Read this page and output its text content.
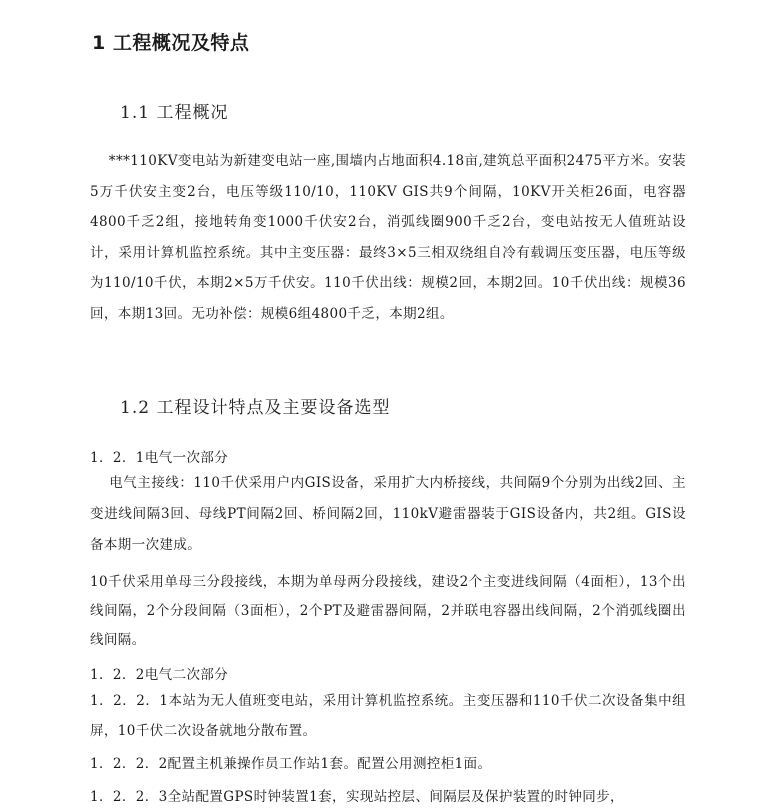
1 工程概况及特点
1.1 工程概况
***110KV变电站为新建变电站一座,围墙内占地面积4.18亩,建筑总平面积2475平方米。安装5万千伏安主变2台，电压等级110/10，110KV GIS共9个间隔，10KV开关柜26面，电容器4800千乏2组，接地转角变1000千伏安2台，消弧线圈900千乏2台，变电站按无人值班站设计，采用计算机监控系统。其中主变压器：最终3×5三相双绕组自冷有载调压变压器，电压等级为110/10千伏，本期2×5万千伏安。110千伏出线：规模2回，本期2回。10千伏出线：规模36回，本期13回。无功补偿：规模6组4800千乏，本期2组。
1.2 工程设计特点及主要设备选型
1．2．1电气一次部分
电气主接线：110千伏采用户内GIS设备，采用扩大内桥接线，共间隔9个分别为出线2回、主变进线间隔3回、母线PT间隔2回、桥间隔2回，110kV避雷器装于GIS设备内，共2组。GIS设备本期一次建成。
10千伏采用单母三分段接线，本期为单母两分段接线，建设2个主变进线间隔（4面柜），13个出线间隔，2个分段间隔（3面柜），2个PT及避雷器间隔，2并联电容器出线间隔，2个消弧线圈出线间隔。
1．2．2电气二次部分
1．2．2．1本站为无人值班变电站，采用计算机监控系统。主变压器和110千伏二次设备集中组屏，10千伏二次设备就地分散布置。
1．2．2．2配置主机兼操作员工作站1套。配置公用测控柜1面。
1．2．2．3全站配置GPS时钟装置1套，实现站控层、间隔层及保护装置的时钟同步，
